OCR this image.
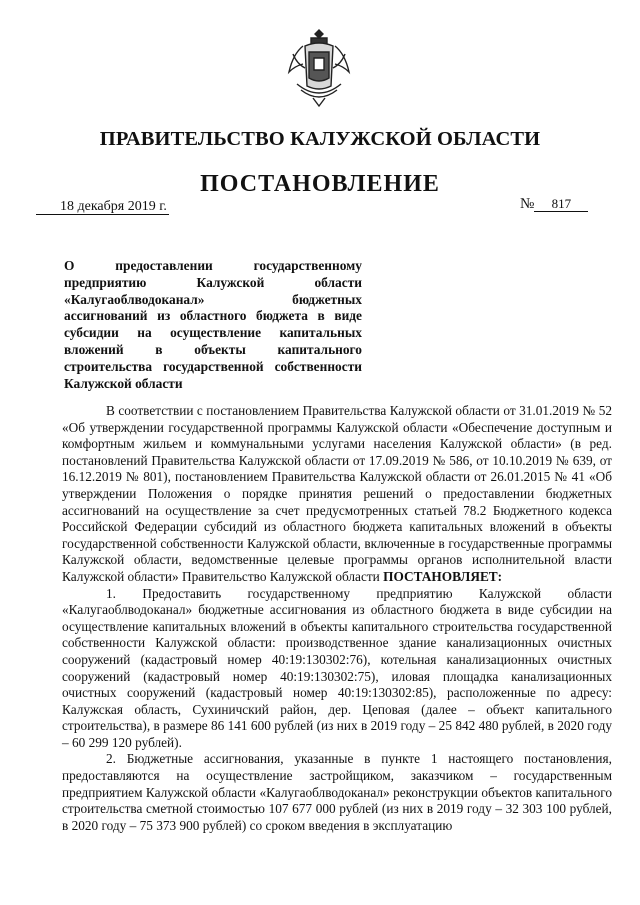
ПРАВИТЕЛЬСТВО КАЛУЖСКОЙ ОБЛАСТИ
ПОСТАНОВЛЕНИЕ
18 декабря 2019 г.	№ 817
О предоставлении государственному предприятию Калужской области «Калугаоблводоканал» бюджетных ассигнований из областного бюджета в виде субсидии на осуществление капитальных вложений в объекты капитального строительства государственной собственности Калужской области

В соответствии с постановлением Правительства Калужской области от 31.01.2019 № 52 «Об утверждении государственной программы Калужской области «Обеспечение доступным и комфортным жильем и коммунальными услугами населения Калужской области» (в ред. постановлений Правительства Калужской области от 17.09.2019 № 586, от 10.10.2019 № 639, от 16.12.2019 № 801), постановлением Правительства Калужской области от 26.01.2015 № 41 «Об утверждении Положения о порядке принятия решений о предоставлении бюджетных ассигнований на осуществление за счет предусмотренных статьей 78.2 Бюджетного кодекса Российской Федерации субсидий из областного бюджета капитальных вложений в объекты государственной собственности Калужской области, включенные в государственные программы Калужской области, ведомственные целевые программы органов исполнительной власти Калужской области» Правительство Калужской области ПОСТАНОВЛЯЕТ:

1. Предоставить государственному предприятию Калужской области «Калугаоблводоканал» бюджетные ассигнования из областного бюджета в виде субсидии на осуществление капитальных вложений в объекты капитального строительства государственной собственности Калужской области: производственное здание канализационных очистных сооружений (кадастровый номер 40:19:130302:76), котельная канализационных очистных сооружений (кадастровый номер 40:19:130302:75), иловая площадка канализационных очистных сооружений (кадастровый номер 40:19:130302:85), расположенные по адресу: Калужская область, Сухиничский район, дер. Цеповая (далее – объект капитального строительства), в размере 86 141 600 рублей (из них в 2019 году – 25 842 480 рублей, в 2020 году – 60 299 120 рублей).

2. Бюджетные ассигнования, указанные в пункте 1 настоящего постановления, предоставляются на осуществление застройщиком, заказчиком – государственным предприятием Калужской области «Калугаоблводоканал» реконструкции объектов капитального строительства сметной стоимостью 107 677 000 рублей (из них в 2019 году – 32 303 100 рублей, в 2020 году – 75 373 900 рублей) со сроком введения в эксплуатацию
